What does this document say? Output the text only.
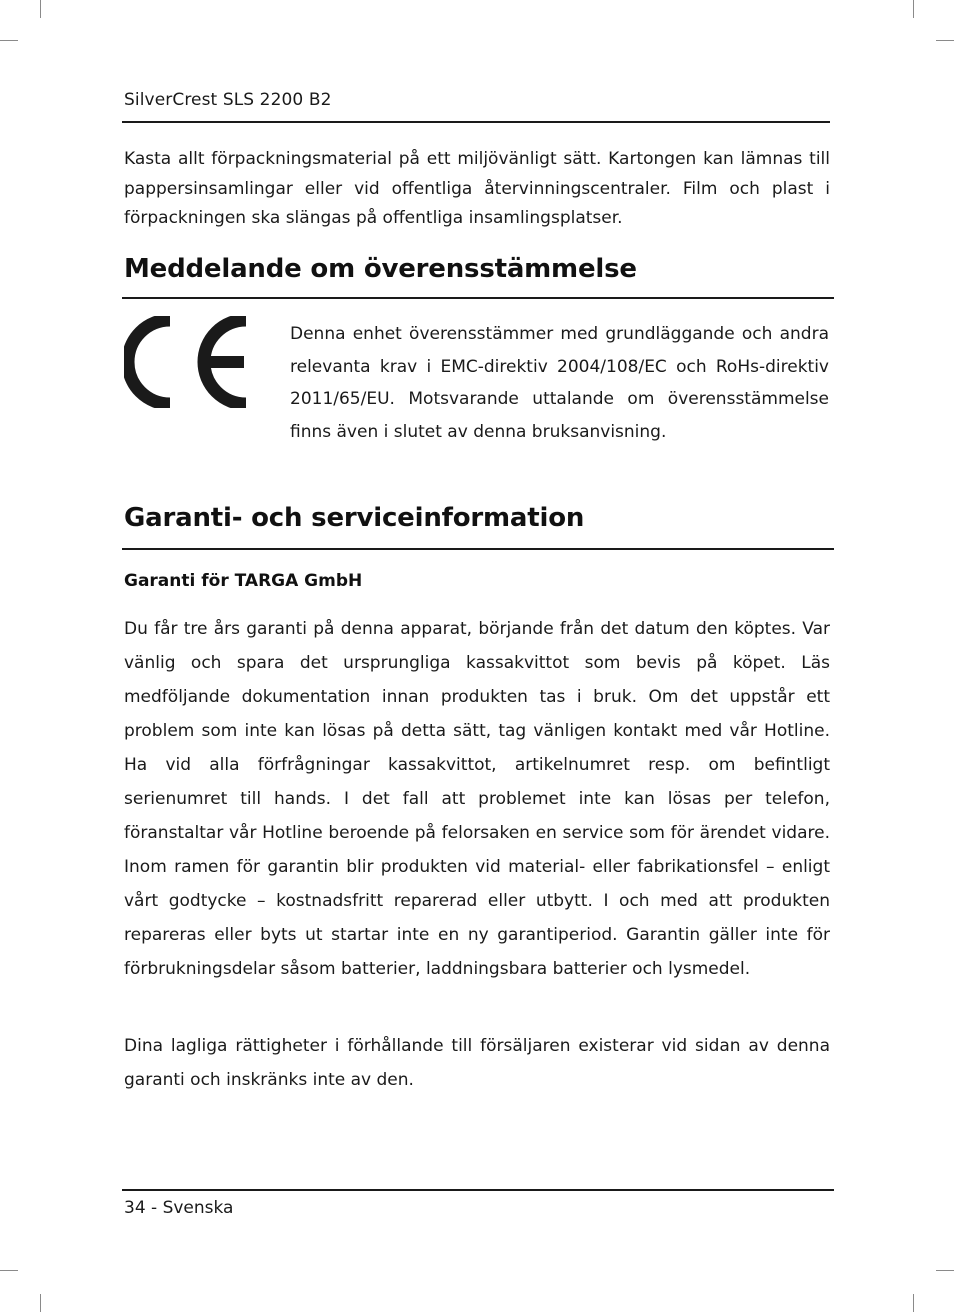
SilverCrest SLS 2200 B2
Kasta allt förpackningsmaterial på ett miljövänligt sätt. Kartongen kan lämnas till pappersinsamlingar eller vid offentliga återvinningscentraler. Film och plast i förpackningen ska slängas på offentliga insamlingsplatser.
Meddelande om överensstämmelse
Denna enhet överensstämmer med grundläggande och andra relevanta krav i EMC-direktiv 2004/108/EC och RoHs-direktiv 2011/65/EU. Motsvarande uttalande om överensstämmelse finns även i slutet av denna bruksanvisning.
Garanti- och serviceinformation
Garanti för TARGA GmbH
Du får tre års garanti på denna apparat, börjande från det datum den köptes. Var vänlig och spara det ursprungliga kassakvittot som bevis på köpet. Läs medföljande dokumentation innan produkten tas i bruk. Om det uppstår ett problem som inte kan lösas på detta sätt, tag vänligen kontakt med vår Hotline. Ha vid alla förfrågningar kassakvittot, artikelnumret resp. om befintligt serienumret till hands. I det fall att problemet inte kan lösas per telefon, föranstaltar vår Hotline beroende på felorsaken en service som för ärendet vidare. Inom ramen för garantin blir produkten vid material- eller fabrikationsfel – enligt vårt godtycke – kostnadsfritt reparerad eller utbytt. I och med att produkten repareras eller byts ut startar inte en ny garantiperiod. Garantin gäller inte för förbrukningsdelar såsom batterier, laddningsbara batterier och lysmedel.
Dina lagliga rättigheter i förhållande till försäljaren existerar vid sidan av denna garanti och inskränks inte av den.
34 - Svenska
